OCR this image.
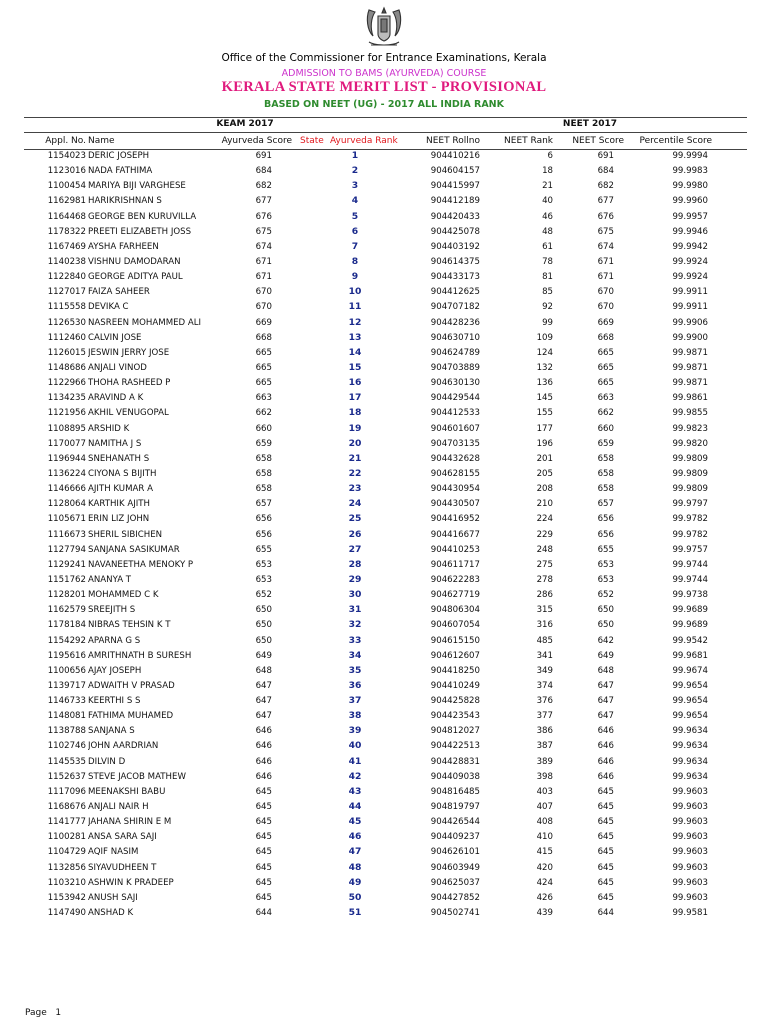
Office of the Commissioner for Entrance Examinations, Kerala
ADMISSION TO BAMS (AYURVEDA) COURSE
KERALA STATE MERIT LIST - PROVISIONAL
BASED ON NEET (UG) - 2017 ALL INDIA RANK
KEAM 2017	NEET 2017
Appl. No. Name	Ayurveda Score State Ayurveda Rank	NEET Rollno	NEET Rank	NEET Score	Percentile Score
1154023 DERIC JOSEPH	691	1	904410216	6	691	99.9994
1123016 NADA FATHIMA	684	2	904604157	18	684	99.9983
1100454 MARIYA BIJI VARGHESE	682	3	904415997	21	682	99.9980
1162981 HARIKRISHNAN S	677	4	904412189	40	677	99.9960
1164468 GEORGE BEN KURUVILLA	676	5	904420433	46	676	99.9957
1178322 PREETI ELIZABETH JOSS	675	6	904425078	48	675	99.9946
1167469 AYSHA FARHEEN	674	7	904403192	61	674	99.9942
1140238 VISHNU DAMODARAN	671	8	904614375	78	671	99.9924
1122840 GEORGE ADITYA PAUL	671	9	904433173	81	671	99.9924
1127017 FAIZA SAHEER	670	10	904412625	85	670	99.9911
1115558 DEVIKA C	670	11	904707182	92	670	99.9911
1126530 NASREEN MOHAMMED ALI	669	12	904428236	99	669	99.9906
1112460 CALVIN JOSE	668	13	904630710	109	668	99.9900
1126015 JESWIN JERRY JOSE	665	14	904624789	124	665	99.9871
1148686 ANJALI VINOD	665	15	904703889	132	665	99.9871
1122966 THOHA RASHEED P	665	16	904630130	136	665	99.9871
1134235 ARAVIND A K	663	17	904429544	145	663	99.9861
1121956 AKHIL VENUGOPAL	662	18	904412533	155	662	99.9855
1108895 ARSHID K	660	19	904601607	177	660	99.9823
1170077 NAMITHA J S	659	20	904703135	196	659	99.9820
1196944 SNEHANATH S	658	21	904432628	201	658	99.9809
1136224 CIYONA S BIJITH	658	22	904628155	205	658	99.9809
1146666 AJITH KUMAR A	658	23	904430954	208	658	99.9809
1128064 KARTHIK AJITH	657	24	904430507	210	657	99.9797
1105671 ERIN LIZ JOHN	656	25	904416952	224	656	99.9782
1116673 SHERIL SIBICHEN	656	26	904416677	229	656	99.9782
1127794 SANJANA SASIKUMAR	655	27	904410253	248	655	99.9757
1129241 NAVANEETHA MENOKY P	653	28	904611717	275	653	99.9744
1151762 ANANYA T	653	29	904622283	278	653	99.9744
1128201 MOHAMMED C K	652	30	904627719	286	652	99.9738
1162579 SREEJITH S	650	31	904806304	315	650	99.9689
1178184 NIBRAS TEHSIN K T	650	32	904607054	316	650	99.9689
1154292 APARNA G S	650	33	904615150	485	642	99.9542
1195616 AMRITHNATH B SURESH	649	34	904612607	341	649	99.9681
1100656 AJAY JOSEPH	648	35	904418250	349	648	99.9674
1139717 ADWAITH V PRASAD	647	36	904410249	374	647	99.9654
1146733 KEERTHI S S	647	37	904425828	376	647	99.9654
1148081 FATHIMA MUHAMED	647	38	904423543	377	647	99.9654
1138788 SANJANA S	646	39	904812027	386	646	99.9634
1102746 JOHN AARDRIAN	646	40	904422513	387	646	99.9634
1145535 DILVIN D	646	41	904428831	389	646	99.9634
1152637 STEVE JACOB MATHEW	646	42	904409038	398	646	99.9634
1117096 MEENAKSHI BABU	645	43	904816485	403	645	99.9603
1168676 ANJALI NAIR H	645	44	904819797	407	645	99.9603
1141777 JAHANA SHIRIN E M	645	45	904426544	408	645	99.9603
1100281 ANSA SARA SAJI	645	46	904409237	410	645	99.9603
1104729 AQIF NASIM	645	47	904626101	415	645	99.9603
1132856 SIYAVUDHEEN T	645	48	904603949	420	645	99.9603
1103210 ASHWIN K PRADEEP	645	49	904625037	424	645	99.9603
1153942 ANUSH SAJI	645	50	904427852	426	645	99.9603
1147490 ANSHAD K	644	51	904502741	439	644	99.9581
Page 1
